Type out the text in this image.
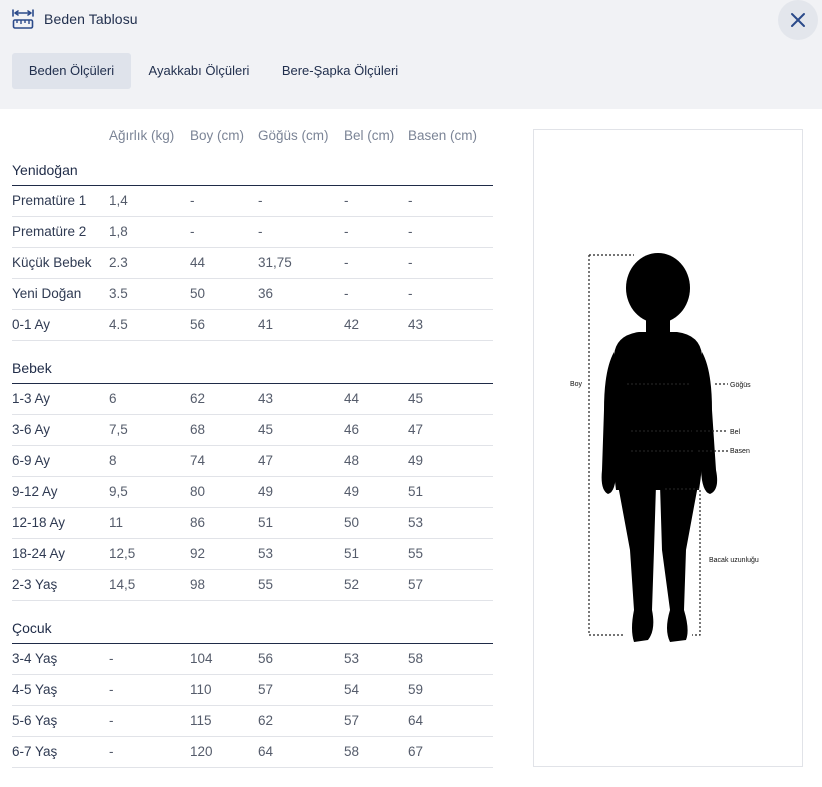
Beden Tablosu
Beden Ölçüleri	Ayakkabı Ölçüleri	Bere-Şapka Ölçüleri
Ağırlık (kg) Boy (cm) Göğüs (cm) Bel (cm) Basen (cm)
Yenidoğan
Prematüre 1 1,4	-	-	-	-
Prematüre 2 1,8	-	-	-	-
Küçük Bebek 2.3	44	31,75	-	-
Yeni Doğan 3.5	50	36	-	-
0-1 Ay	4.5	56	41	42	43
Bebek
1-3 Ay	6	62	43	44	45
3-6 Ay	7,5	68	45	46	47
6-9 Ay	8	74	47	48	49
9-12 Ay	9,5	80	49	49	51
12-18 Ay	11	86	51	50	53
18-24 Ay	12,5	92	53	51	55
2-3 Yaş	14,5	98	55	52	57
Çocuk
3-4 Yaş	-	104	56	53	58
4-5 Yaş	-	110	57	54	59
5-6 Yaş	-	115	62	57	64
6-7 Yaş	-	120	64	58	67
Boy	Göğüs
Bel
Basen
Bacak uzunluğu
